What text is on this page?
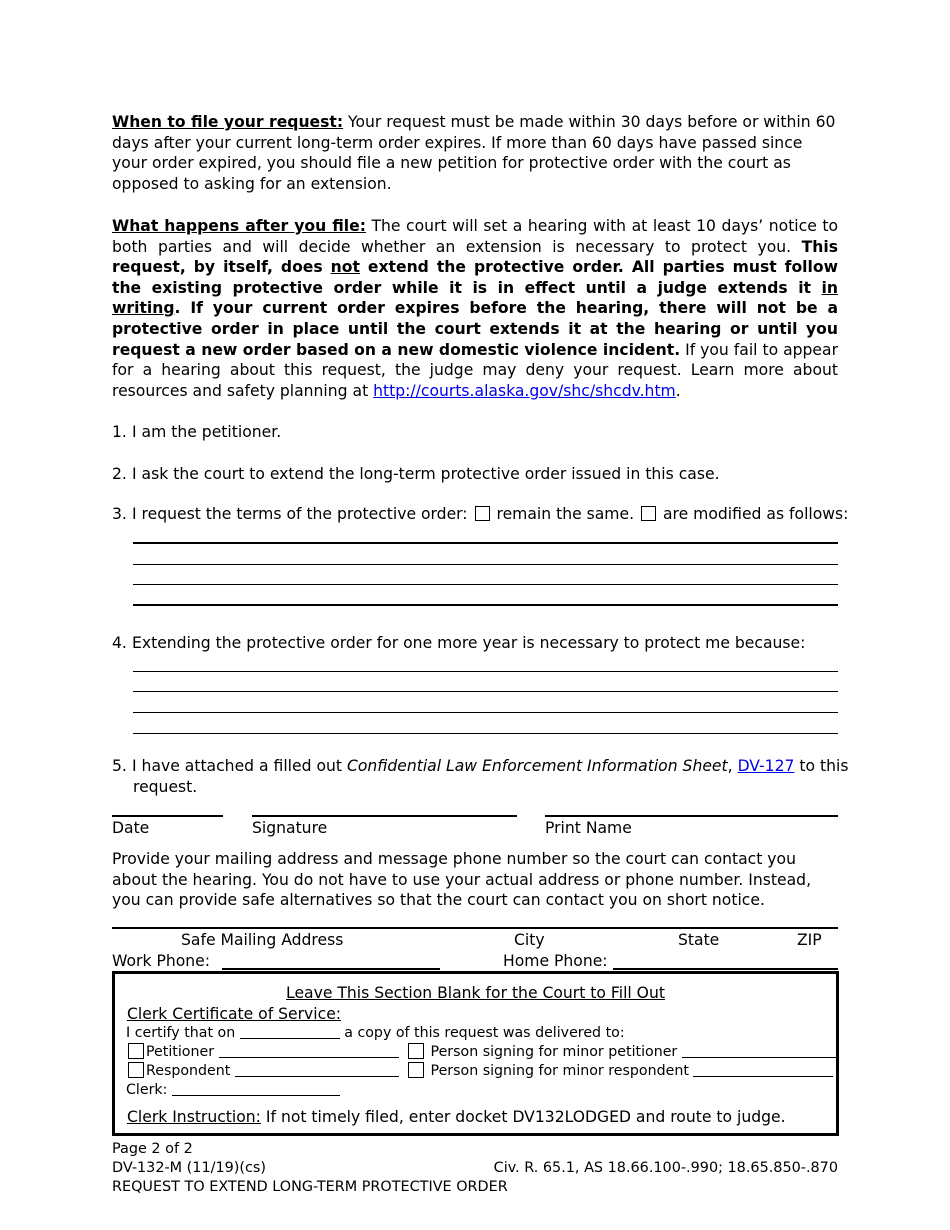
When to file your request: Your request must be made within 30 days before or within 60 days after your current long-term order expires. If more than 60 days have passed since your order expired, you should file a new petition for protective order with the court as opposed to asking for an extension.

What happens after you file: The court will set a hearing with at least 10 days’ notice to both parties and will decide whether an extension is necessary to protect you. This request, by itself, does not extend the protective order. All parties must follow the existing protective order while it is in effect until a judge extends it in writing. If your current order expires before the hearing, there will not be a protective order in place until the court extends it at the hearing or until you request a new order based on a new domestic violence incident. If you fail to appear for a hearing about this request, the judge may deny your request. Learn more about resources and safety planning at http://courts.alaska.gov/shc/shcdv.htm.

1. I am the petitioner.
2. I ask the court to extend the long-term protective order issued in this case.
3. I request the terms of the protective order: remain the same. are modified as follows:
4. Extending the protective order for one more year is necessary to protect me because:
5. I have attached a filled out Confidential Law Enforcement Information Sheet, DV-127 to this
request.
Date	Signature	Print Name

Provide your mailing address and message phone number so the court can contact you about the hearing. You do not have to use your actual address or phone number. Instead, you can provide safe alternatives so that the court can contact you on short notice.

Safe Mailing Address	City	State	ZIP
Work Phone:	Home Phone:
Leave This Section Blank for the Court to Fill Out
Clerk Certificate of Service:
I certify that on	a copy of this request was delivered to:
Petitioner	Person signing for minor petitioner
Respondent	Person signing for minor respondent
Clerk:
Clerk Instruction: If not timely filed, enter docket DV132LODGED and route to judge.
Page 2 of 2
DV-132-M (11/19)(cs)	Civ. R. 65.1, AS 18.66.100-.990; 18.65.850-.870
REQUEST TO EXTEND LONG-TERM PROTECTIVE ORDER
